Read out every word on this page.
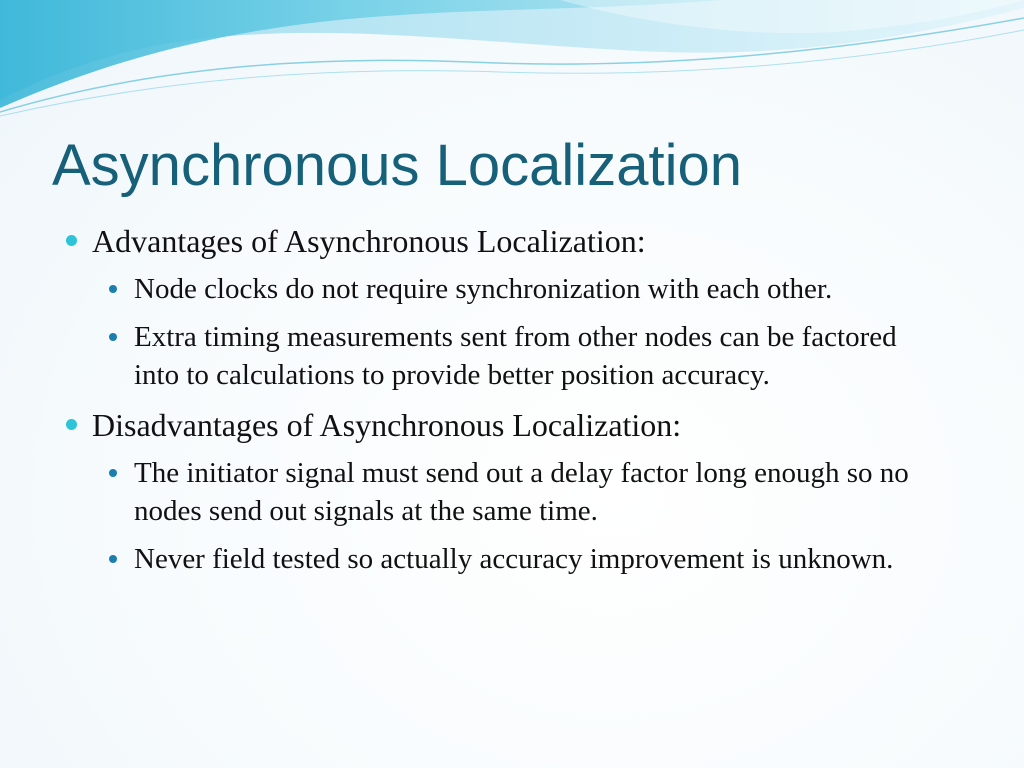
Asynchronous Localization
Advantages of Asynchronous Localization:
Node clocks do not require synchronization with each other.
Extra timing measurements sent from other nodes can be factored into to calculations to provide better position accuracy.
Disadvantages of Asynchronous Localization:
The initiator signal must send out a delay factor long enough so no nodes send out signals at the same time.
Never field tested so actually accuracy improvement is unknown.
